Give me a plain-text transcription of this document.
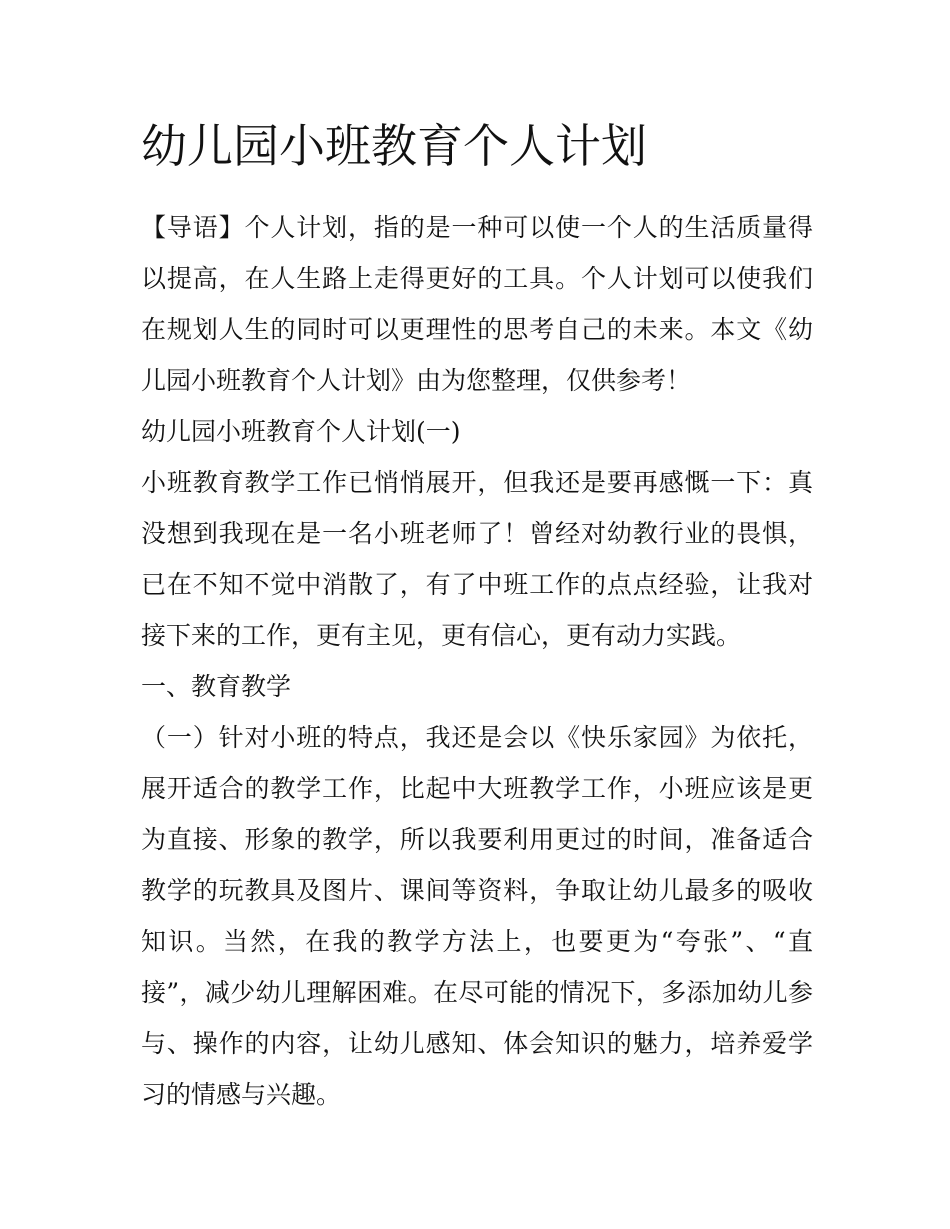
幼儿园小班教育个人计划

【导语】个人计划，指的是一种可以使一个人的生活质量得以提高，在人生路上走得更好的工具。个人计划可以使我们在规划人生的同时可以更理性的思考自己的未来。本文《幼儿园小班教育个人计划》由为您整理，仅供参考！

幼儿园小班教育个人计划(一)

小班教育教学工作已悄悄展开，但我还是要再感慨一下：真没想到我现在是一名小班老师了！曾经对幼教行业的畏惧，已在不知不觉中消散了，有了中班工作的点点经验，让我对接下来的工作，更有主见，更有信心，更有动力实践。

一、教育教学

（一）针对小班的特点，我还是会以《快乐家园》为依托，展开适合的教学工作，比起中大班教学工作，小班应该是更为直接、形象的教学，所以我要利用更过的时间，准备适合教学的玩教具及图片、课间等资料，争取让幼儿最多的吸收知识。当然，在我的教学方法上，也要更为“夸张”、“直接”，减少幼儿理解困难。在尽可能的情况下，多添加幼儿参与、操作的内容，让幼儿感知、体会知识的魅力，培养爱学习的情感与兴趣。
